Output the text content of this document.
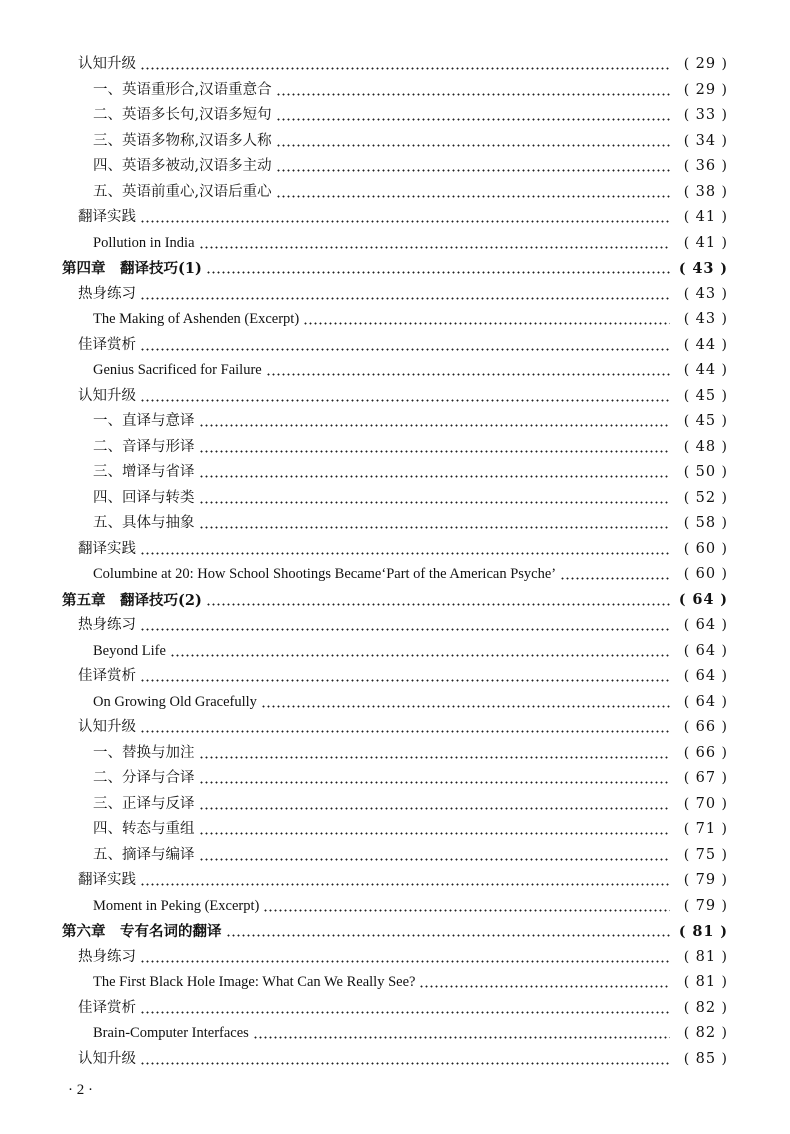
认知升级	( 29 )
一、英语重形合,汉语重意合	( 29 )
二、英语多长句,汉语多短句	( 33 )
三、英语多物称,汉语多人称	( 34 )
四、英语多被动,汉语多主动	( 36 )
五、英语前重心,汉语后重心	( 38 )
翻译实践	( 41 )
Pollution in India	( 41 )
第四章　翻译技巧(1)	( 43 )
热身练习	( 43 )
The Making of Ashenden (Excerpt)	( 43 )
佳译赏析	( 44 )
Genius Sacrificed for Failure	( 44 )
认知升级	( 45 )
一、直译与意译	( 45 )
二、音译与形译	( 48 )
三、增译与省译	( 50 )
四、回译与转类	( 52 )
五、具体与抽象	( 58 )
翻译实践	( 60 )
Columbine at 20: How School Shootings Became‘Part of the American Psyche’	( 60 )
第五章　翻译技巧(2)	( 64 )
热身练习	( 64 )
Beyond Life	( 64 )
佳译赏析	( 64 )
On Growing Old Gracefully	( 64 )
认知升级	( 66 )
一、替换与加注	( 66 )
二、分译与合译	( 67 )
三、正译与反译	( 70 )
四、转态与重组	( 71 )
五、摘译与编译	( 75 )
翻译实践	( 79 )
Moment in Peking (Excerpt)	( 79 )
第六章　专有名词的翻译	( 81 )
热身练习	( 81 )
The First Black Hole Image: What Can We Really See?	( 81 )
佳译赏析	( 82 )
Brain-Computer Interfaces	( 82 )
认知升级	( 85 )
· 2 ·
